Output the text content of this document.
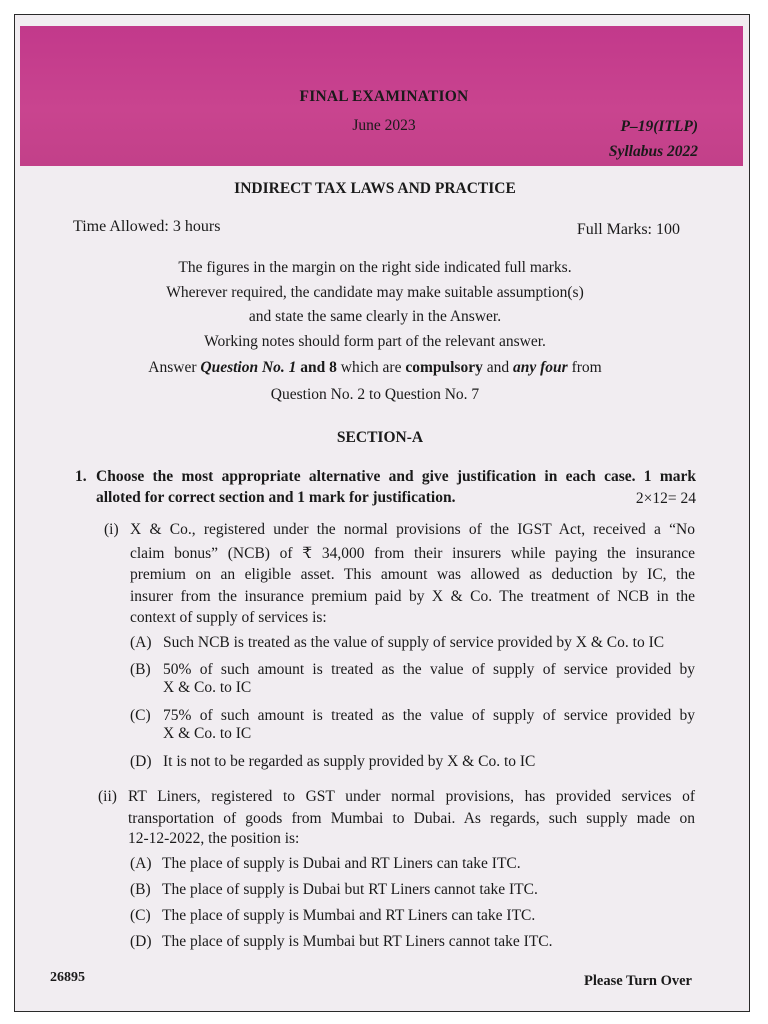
FINAL EXAMINATION
June 2023	P–19(ITLP)
Syllabus 2022
INDIRECT TAX LAWS AND PRACTICE
Time Allowed: 3 hours	Full Marks: 100
The figures in the margin on the right side indicated full marks.
Wherever required, the candidate may make suitable assumption(s)
and state the same clearly in the Answer.
Working notes should form part of the relevant answer.
Answer Question No. 1 and 8 which are compulsory and any four from
Question No. 2 to Question No. 7
SECTION-A
1. Choose the most appropriate alternative and give justification in each case. 1 mark
alloted for correct section and 1 mark for justification.	2×12= 24
(i) X & Co., registered under the normal provisions of the IGST Act, received a “No
claim bonus” (NCB) of ₹ 34,000 from their insurers while paying the insurance
premium on an eligible asset. This amount was allowed as deduction by IC, the
insurer from the insurance premium paid by X & Co. The treatment of NCB in the
context of supply of services is:
(A) Such NCB is treated as the value of supply of service provided by X & Co. to IC
(B) 50% of such amount is treated as the value of supply of service provided by
X & Co. to IC
(C) 75% of such amount is treated as the value of supply of service provided by
X & Co. to IC
(D) It is not to be regarded as supply provided by X & Co. to IC
(ii) RT Liners, registered to GST under normal provisions, has provided services of
transportation of goods from Mumbai to Dubai. As regards, such supply made on
12-12-2022, the position is:
(A) The place of supply is Dubai and RT Liners can take ITC.
(B) The place of supply is Dubai but RT Liners cannot take ITC.
(C) The place of supply is Mumbai and RT Liners can take ITC.
(D) The place of supply is Mumbai but RT Liners cannot take ITC.
26895	Please Turn Over
